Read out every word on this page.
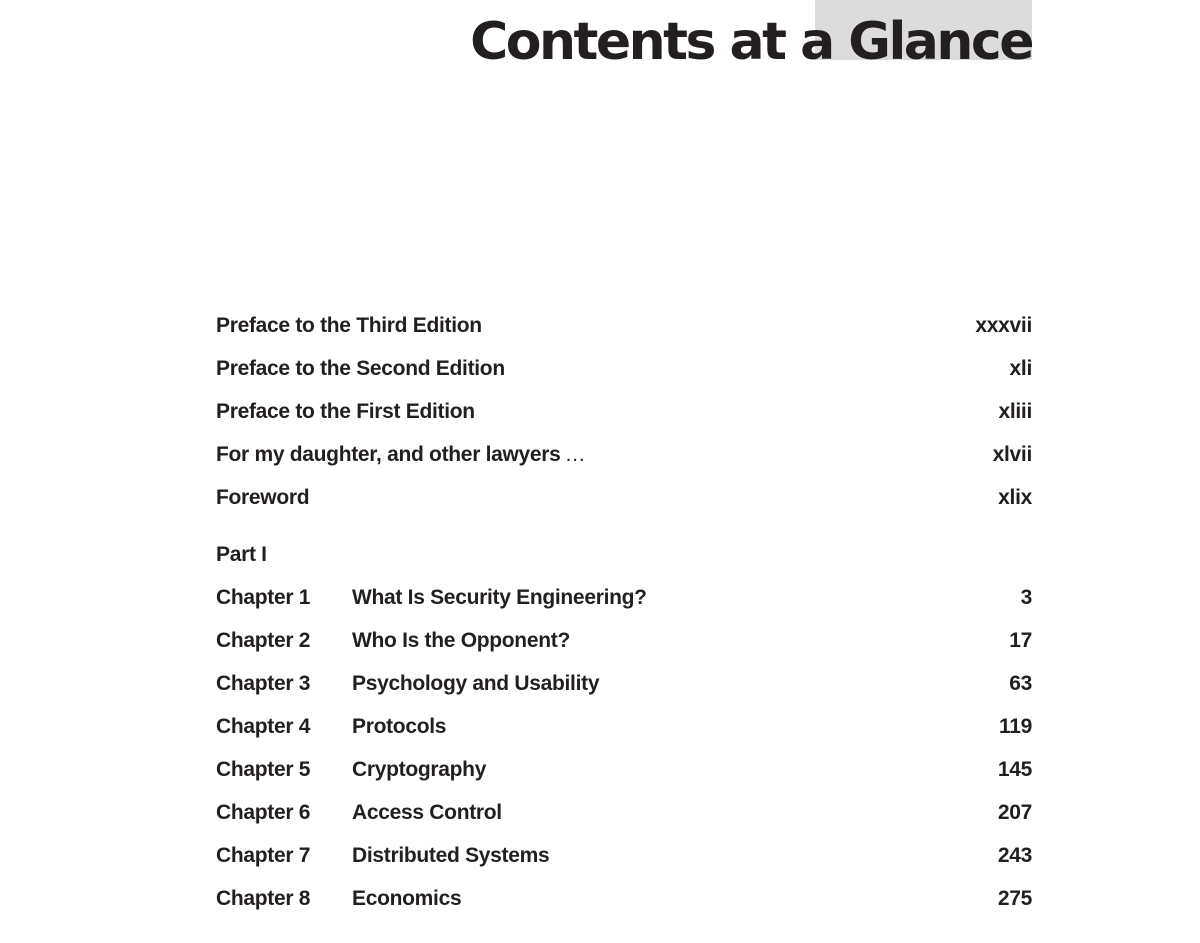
Contents at a Glance
Preface to the Third Edition	xxxvii
Preface to the Second Edition	xli
Preface to the First Edition	xliii
For my daughter, and other lawyers …	xlvii
Foreword	xlix
Part I
Chapter 1 What Is Security Engineering?	3
Chapter 2 Who Is the Opponent?	17
Chapter 3 Psychology and Usability	63
Chapter 4 Protocols	119
Chapter 5 Cryptography	145
Chapter 6 Access Control	207
Chapter 7 Distributed Systems	243
Chapter 8 Economics	275
